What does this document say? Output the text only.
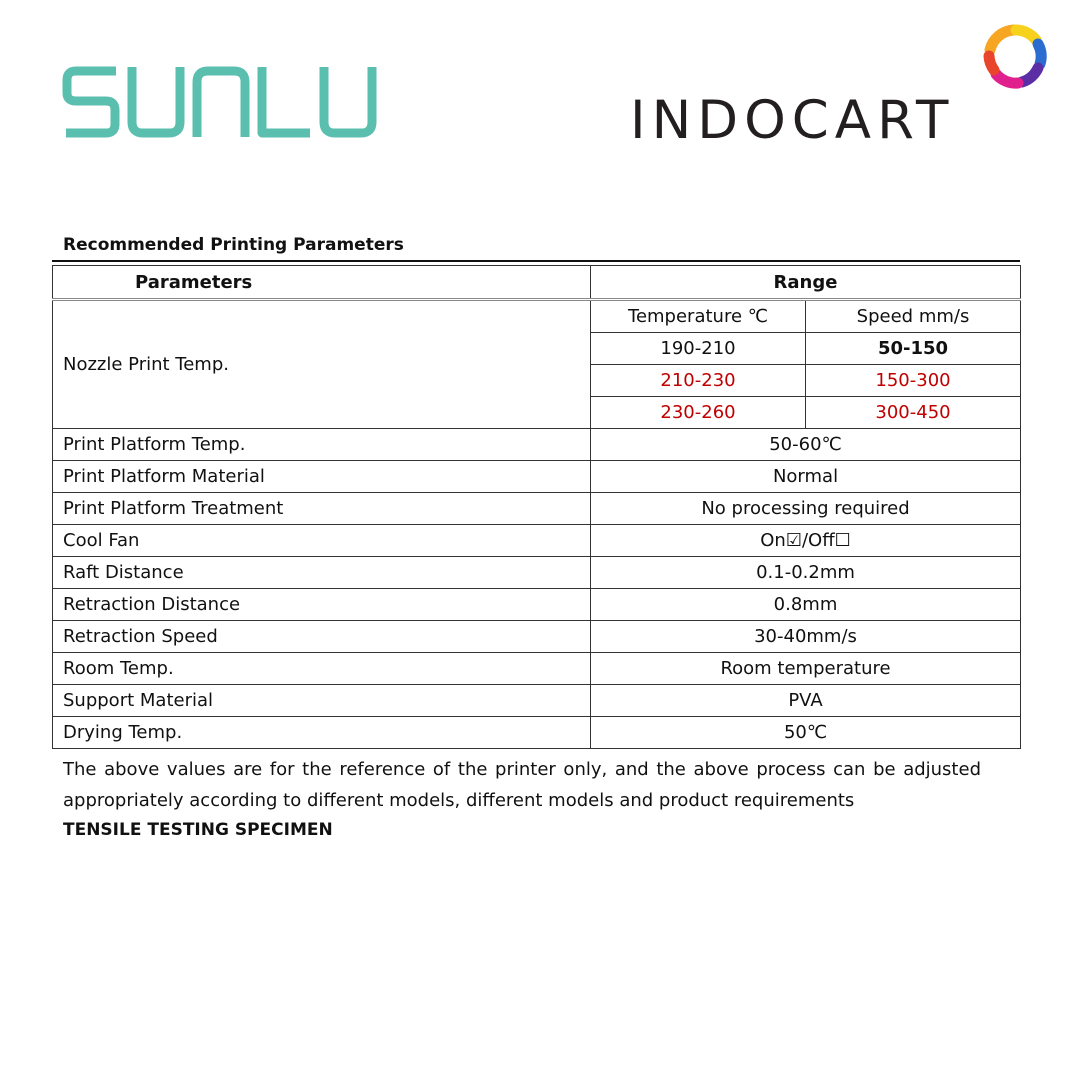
INDOCART
Recommended Printing Parameters
Parameters	Range	
Nozzle Print Temp.	Temperature ℃	Speed mm/s
	190-210	50-150
	210-230	150-300
	230-260	300-450
Print Platform Temp.	50-60℃	
Print Platform Material	Normal	
Print Platform Treatment	No processing required	
Cool Fan	On☑/Off☐	
Raft Distance	0.1-0.2mm	
Retraction Distance	0.8mm	
Retraction Speed	30-40mm/s	
Room Temp.	Room temperature	
Support Material	PVA	
Drying Temp.	50℃	

The above values are for the reference of the printer only, and the above process can be adjusted appropriately according to different models, different models and product requirements

TENSILE TESTING SPECIMEN
